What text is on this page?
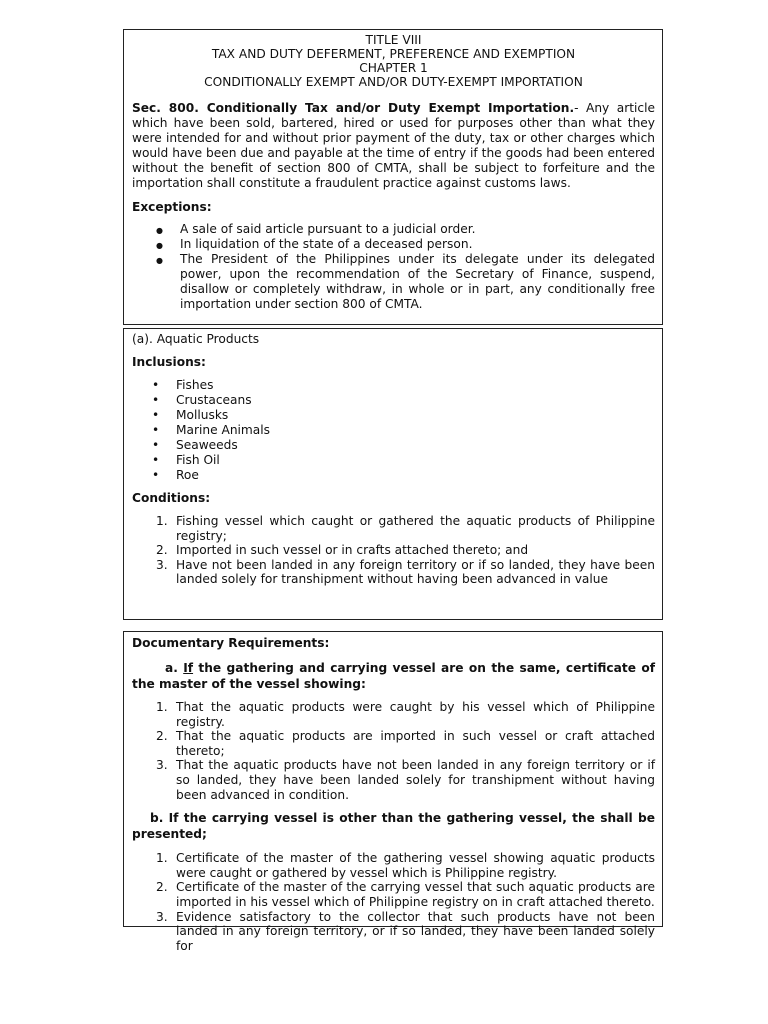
TITLE VIII

TAX AND DUTY DEFERMENT, PREFERENCE AND EXEMPTION

CHAPTER 1

CONDITIONALLY EXEMPT AND/OR DUTY-EXEMPT IMPORTATION

Sec. 800. Conditionally Tax and/or Duty Exempt Importation.- Any article which have been sold, bartered, hired or used for purposes other than what they were intended for and without prior payment of the duty, tax or other charges which would have been due and payable at the time of entry if the goods had been entered without the benefit of section 800 of CMTA, shall be subject to forfeiture and the importation shall constitute a fraudulent practice against customs laws.

Exceptions:

● A sale of said article pursuant to a judicial order.
● In liquidation of the state of a deceased person.
● The President of the Philippines under its delegate under its delegated power, upon the recommendation of the Secretary of Finance, suspend, disallow or completely withdraw, in whole or in part, any conditionally free importation under section 800 of CMTA.

(a). Aquatic Products

Inclusions:

• Fishes
• Crustaceans
• Mollusks
• Marine Animals
• Seaweeds
• Fish Oil
• Roe

Conditions:

1. Fishing vessel which caught or gathered the aquatic products of Philippine registry;
2. Imported in such vessel or in crafts attached thereto; and
3. Have not been landed in any foreign territory or if so landed, they have been landed solely for transhipment without having been advanced in value

Documentary Requirements:

a. If the gathering and carrying vessel are on the same, certificate of the master of the vessel showing:

1. That the aquatic products were caught by his vessel which of Philippine registry.
2. That the aquatic products are imported in such vessel or craft attached thereto;
3. That the aquatic products have not been landed in any foreign territory or if so landed, they have been landed solely for transhipment without having been advanced in condition.

b. If the carrying vessel is other than the gathering vessel, the shall be presented;

1. Certificate of the master of the gathering vessel showing aquatic products were caught or gathered by vessel which is Philippine registry.
2. Certificate of the master of the carrying vessel that such aquatic products are imported in his vessel which of Philippine registry on in craft attached thereto.
3. Evidence satisfactory to the collector that such products have not been landed in any foreign territory, or if so landed, they have been landed solely for
